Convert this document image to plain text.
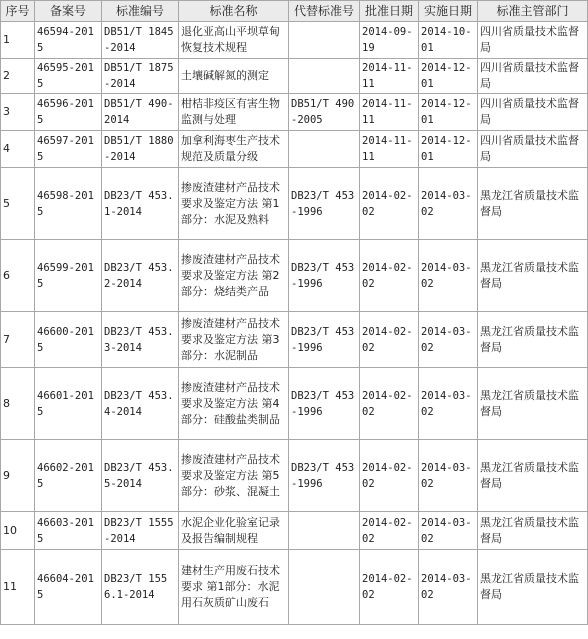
序号	备案号	标准编号	标准名称	代替标准号	批准日期	实施日期	标准主管部门
1	46594-2015	DB51/T 1845-2014	退化亚高山平坝草甸恢复技术规程		2014-09-19	2014-10-01	四川省质量技术监督局
2	46595-2015	DB51/T 1875-2014	土壤碱解氮的测定		2014-11-11	2014-12-01	四川省质量技术监督局
3	46596-2015	DB51/T 490-2014	柑桔非疫区有害生物监测与处理	DB51/T 490-2005	2014-11-11	2014-12-01	四川省质量技术监督局
4	46597-2015	DB51/T 1880-2014	加拿利海枣生产技术规范及质量分级		2014-11-11	2014-12-01	四川省质量技术监督局
5	46598-2015	DB23/T 453.1-2014	掺废渣建材产品技术要求及鉴定方法 第1部分：水泥及熟料	DB23/T 453-1996	2014-02-02	2014-03-02	黑龙江省质量技术监督局
6	46599-2015	DB23/T 453.2-2014	掺废渣建材产品技术要求及鉴定方法 第2部分：烧结类产品	DB23/T 453-1996	2014-02-02	2014-03-02	黑龙江省质量技术监督局
7	46600-2015	DB23/T 453.3-2014	掺废渣建材产品技术要求及鉴定方法 第3部分：水泥制品	DB23/T 453-1996	2014-02-02	2014-03-02	黑龙江省质量技术监督局
8	46601-2015	DB23/T 453.4-2014	掺废渣建材产品技术要求及鉴定方法 第4部分：硅酸盐类制品	DB23/T 453-1996	2014-02-02	2014-03-02	黑龙江省质量技术监督局
9	46602-2015	DB23/T 453.5-2014	掺废渣建材产品技术要求及鉴定方法 第5部分：砂浆、混凝土	DB23/T 453-1996	2014-02-02	2014-03-02	黑龙江省质量技术监督局
10	46603-2015	DB23/T 1555-2014	水泥企业化验室记录及报告编制规程		2014-02-02	2014-03-02	黑龙江省质量技术监督局
11	46604-2015	DB23/T 1556.1-2014	建材生产用废石技术要求 第1部分：水泥用石灰质矿山废石		2014-02-02	2014-03-02	黑龙江省质量技术监督局
